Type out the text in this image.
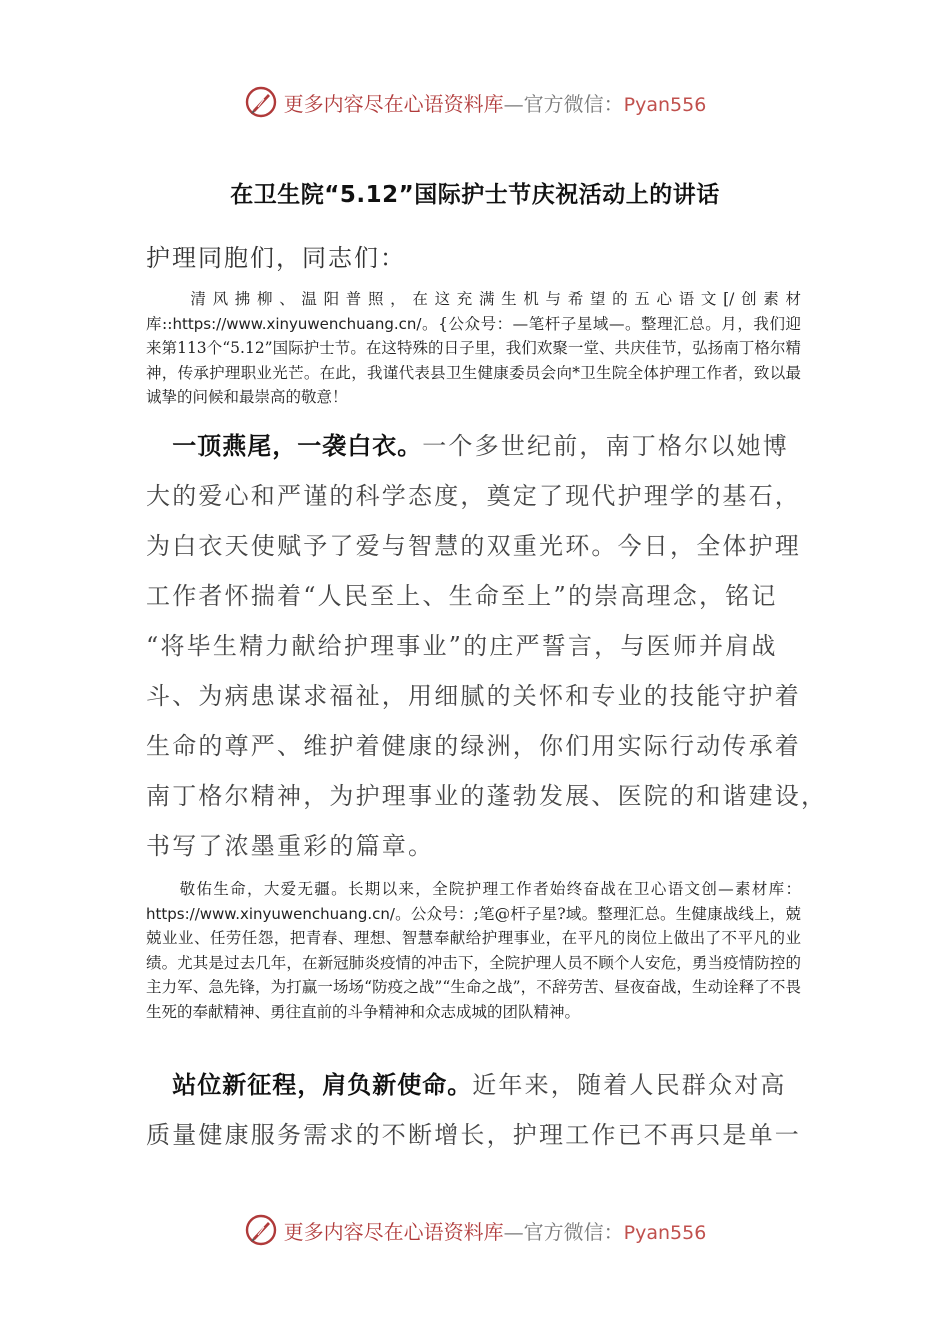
更多内容尽在心语资料库—官方微信：Pyan556
在卫生院“5.12”国际护士节庆祝活动上的讲话
护理同胞们，同志们：

　　清风拂柳、温阳普照，在这充满生机与希望的五心语文[/创素材库::https://www.xinyuwenchuang.cn/。{公众号：—笔杆子星域—。整理汇总。月，我们迎来第113个“5.12”国际护士节。在这特殊的日子里，我们欢聚一堂、共庆佳节，弘扬南丁格尔精神，传承护理职业光芒。在此，我谨代表县卫生健康委员会向*卫生院全体护理工作者，致以最诚挚的问候和最崇高的敬意！

　一顶燕尾，一袭白衣。一个多世纪前，南丁格尔以她博
大的爱心和严谨的科学态度，奠定了现代护理学的基石，
为白衣天使赋予了爱与智慧的双重光环。今日，全体护理
工作者怀揣着“人民至上、生命至上”的崇高理念，铭记
“将毕生精力献给护理事业”的庄严誓言，与医师并肩战
斗、为病患谋求福祉，用细腻的关怀和专业的技能守护着
生命的尊严、维护着健康的绿洲，你们用实际行动传承着
南丁格尔精神，为护理事业的蓬勃发展、医院的和谐建设，
书写了浓墨重彩的篇章。

　　敬佑生命，大爱无疆。长期以来，全院护理工作者始终奋战在卫心语文创—素材库：https://www.xinyuwenchuang.cn/。公众号：;笔@杆子星?域。整理汇总。生健康战线上，兢兢业业、任劳任怨，把青春、理想、智慧奉献给护理事业，在平凡的岗位上做出了不平凡的业绩。尤其是过去几年，在新冠肺炎疫情的冲击下，全院护理人员不顾个人安危，勇当疫情防控的主力军、急先锋，为打赢一场场“防疫之战”“生命之战”，不辞劳苦、昼夜奋战，生动诠释了不畏生死的奉献精神、勇往直前的斗争精神和众志成城的团队精神。

　站位新征程，肩负新使命。近年来，随着人民群众对高
质量健康服务需求的不断增长，护理工作已不再只是单一
更多内容尽在心语资料库—官方微信：Pyan556
